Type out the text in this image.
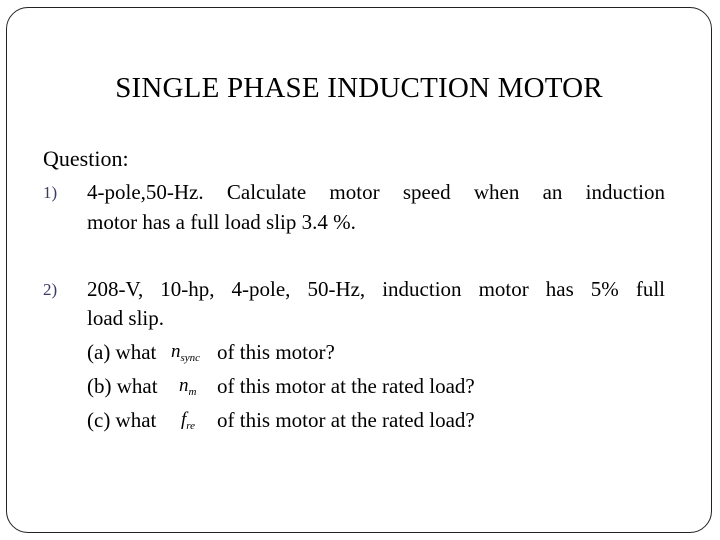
SINGLE PHASE INDUCTION MOTOR
Question:
1) 4-pole,50-Hz. Calculate motor speed when an induction
motor has a full load slip 3.4 %.
2) 208-V, 10-hp, 4-pole, 50-Hz, induction motor has 5% full
load slip.
(a) what $n_{sync}$ of this motor?
(b) what $n_m$ of this motor at the rated load?
(c) what $f_{re}$ of this motor at the rated load?
